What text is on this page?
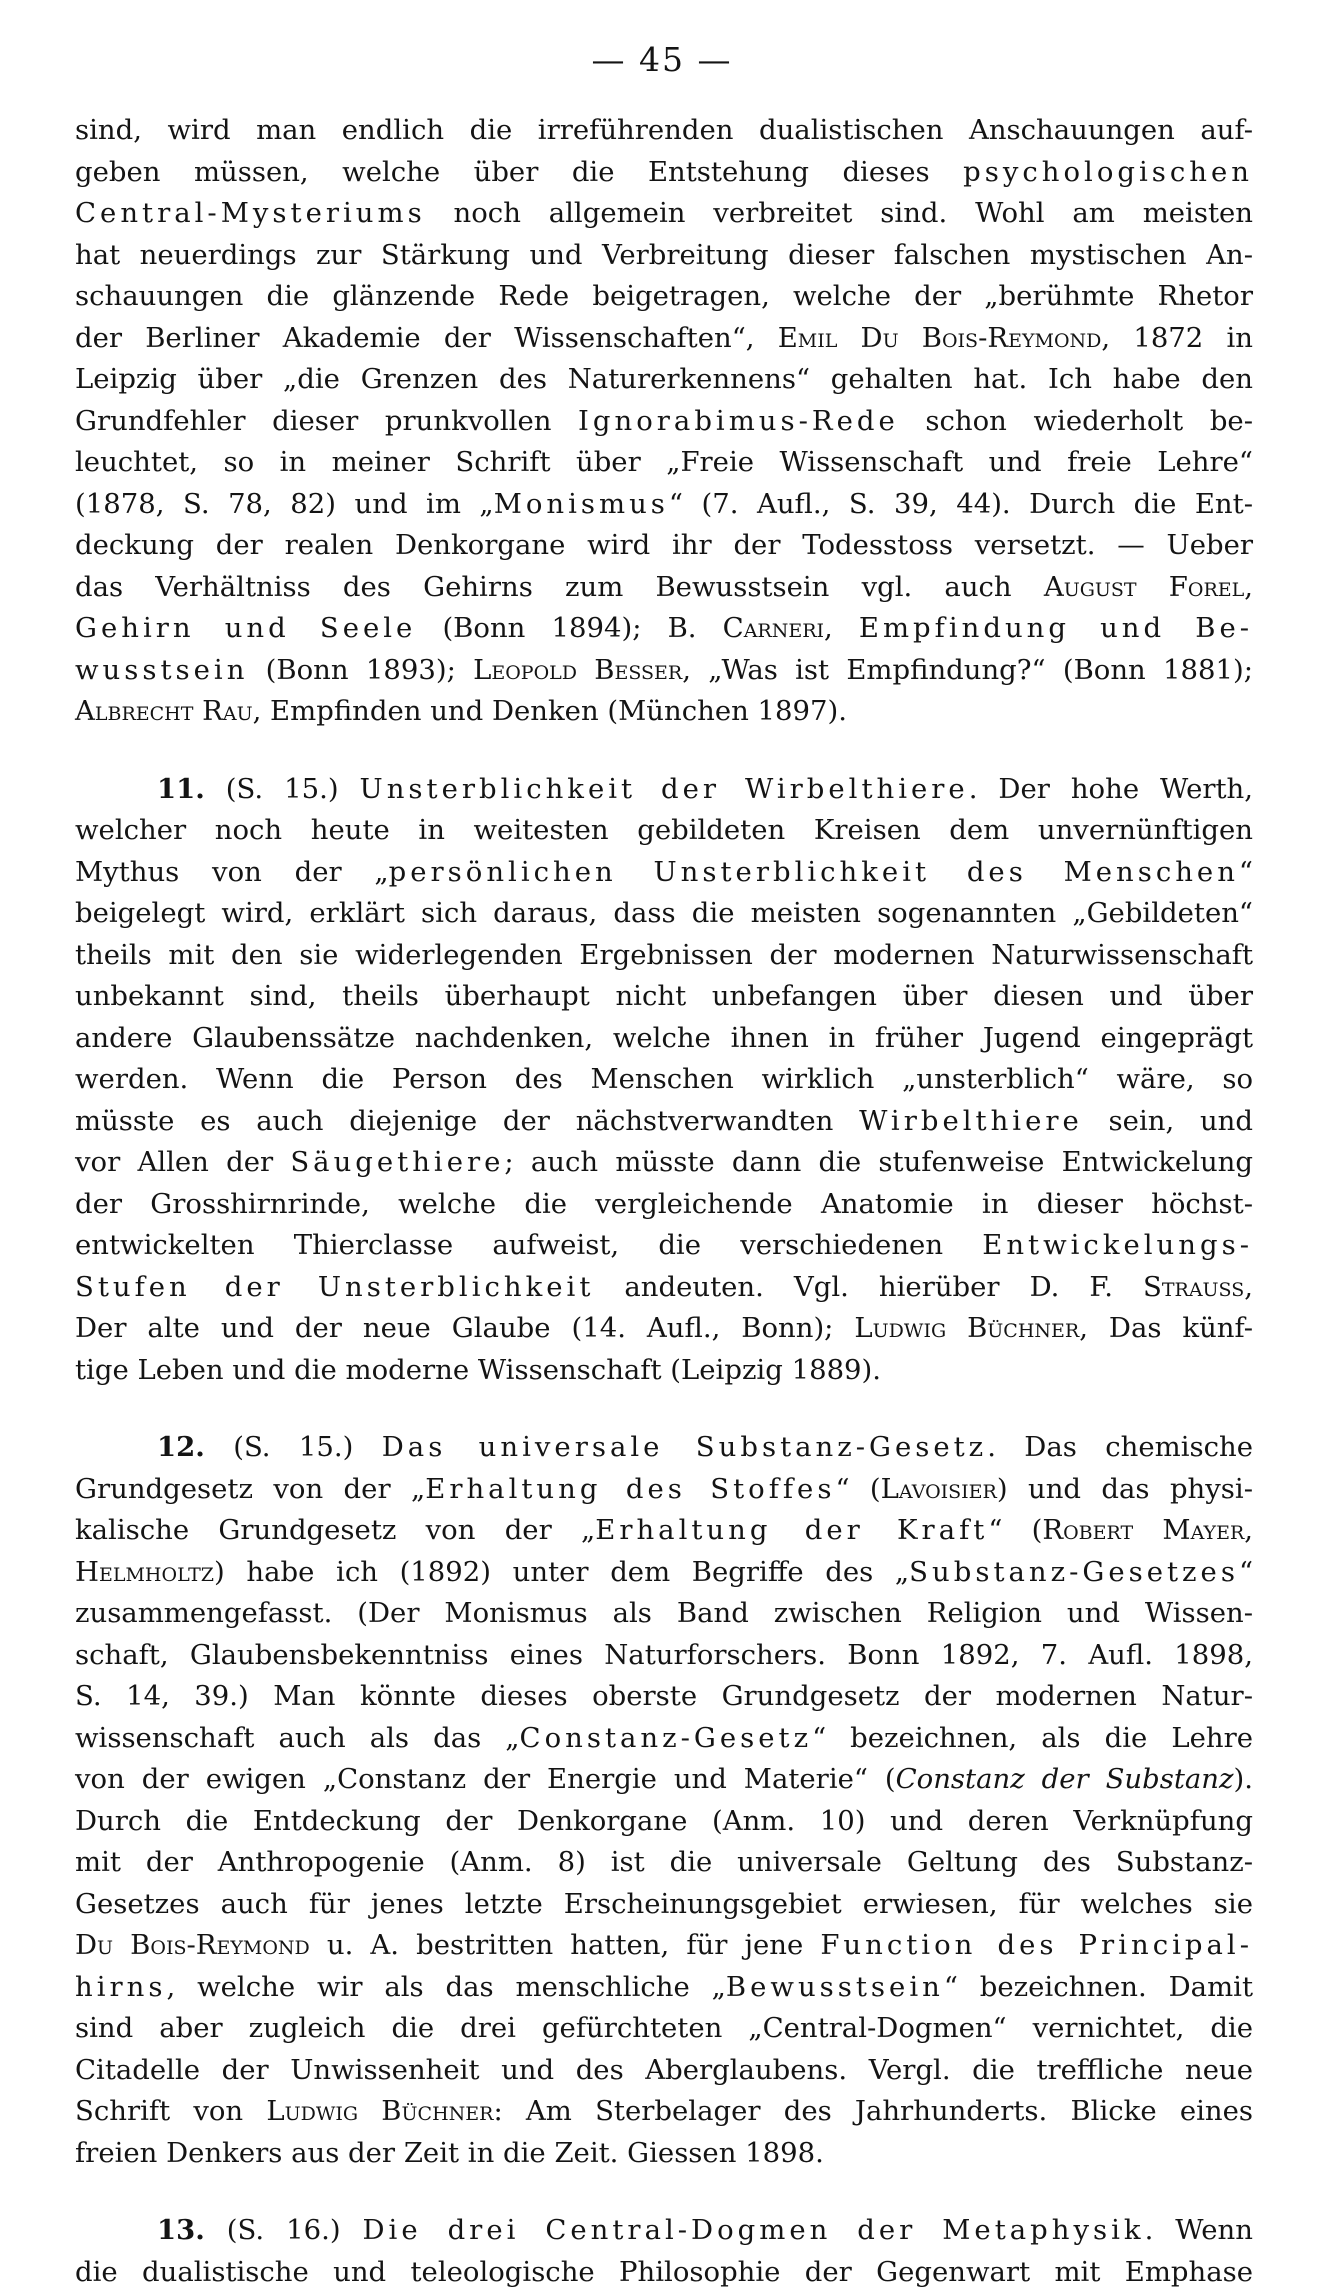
— 45 —
sind, wird man endlich die irreführenden dualistischen Anschauungen auf-
geben müssen, welche über die Entstehung dieses psychologischen
Central-Mysteriums noch allgemein verbreitet sind. Wohl am meisten
hat neuerdings zur Stärkung und Verbreitung dieser falschen mystischen An-
schauungen die glänzende Rede beigetragen, welche der „berühmte Rhetor
der Berliner Akademie der Wissenschaften“, Emil Du Bois-Reymond, 1872 in
Leipzig über „die Grenzen des Naturerkennens“ gehalten hat. Ich habe den
Grundfehler dieser prunkvollen Ignorabimus-Rede schon wiederholt be-
leuchtet, so in meiner Schrift über „Freie Wissenschaft und freie Lehre“
(1878, S. 78, 82) und im „Monismus“ (7. Aufl., S. 39, 44). Durch die Ent-
deckung der realen Denkorgane wird ihr der Todesstoss versetzt. — Ueber
das Verhältniss des Gehirns zum Bewusstsein vgl. auch August Forel,
Gehirn und Seele (Bonn 1894); B. Carneri, Empfindung und Be-
wusstsein (Bonn 1893); Leopold Besser, „Was ist Empfindung?“ (Bonn 1881);
Albrecht Rau, Empfinden und Denken (München 1897).
11. (S. 15.) Unsterblichkeit der Wirbelthiere. Der hohe Werth,
welcher noch heute in weitesten gebildeten Kreisen dem unvernünftigen
Mythus von der „persönlichen Unsterblichkeit des Menschen“
beigelegt wird, erklärt sich daraus, dass die meisten sogenannten „Gebildeten“
theils mit den sie widerlegenden Ergebnissen der modernen Naturwissenschaft
unbekannt sind, theils überhaupt nicht unbefangen über diesen und über
andere Glaubenssätze nachdenken, welche ihnen in früher Jugend eingeprägt
werden. Wenn die Person des Menschen wirklich „unsterblich“ wäre, so
müsste es auch diejenige der nächstverwandten Wirbelthiere sein, und
vor Allen der Säugethiere; auch müsste dann die stufenweise Entwickelung
der Grosshirnrinde, welche die vergleichende Anatomie in dieser höchst-
entwickelten Thierclasse aufweist, die verschiedenen Entwickelungs-
Stufen der Unsterblichkeit andeuten. Vgl. hierüber D. F. Strauss,
Der alte und der neue Glaube (14. Aufl., Bonn); Ludwig Büchner, Das künf-
tige Leben und die moderne Wissenschaft (Leipzig 1889).
12. (S. 15.) Das universale Substanz-Gesetz. Das chemische
Grundgesetz von der „Erhaltung des Stoffes“ (Lavoisier) und das physi-
kalische Grundgesetz von der „Erhaltung der Kraft“ (Robert Mayer,
Helmholtz) habe ich (1892) unter dem Begriffe des „Substanz-Gesetzes“
zusammengefasst. (Der Monismus als Band zwischen Religion und Wissen-
schaft, Glaubensbekenntniss eines Naturforschers. Bonn 1892, 7. Aufl. 1898,
S. 14, 39.) Man könnte dieses oberste Grundgesetz der modernen Natur-
wissenschaft auch als das „Constanz-Gesetz“ bezeichnen, als die Lehre
von der ewigen „Constanz der Energie und Materie“ (Constanz der Substanz).
Durch die Entdeckung der Denkorgane (Anm. 10) und deren Verknüpfung
mit der Anthropogenie (Anm. 8) ist die universale Geltung des Substanz-
Gesetzes auch für jenes letzte Erscheinungsgebiet erwiesen, für welches sie
Du Bois-Reymond u. A. bestritten hatten, für jene Function des Principal-
hirns, welche wir als das menschliche „Bewusstsein“ bezeichnen. Damit
sind aber zugleich die drei gefürchteten „Central-Dogmen“ vernichtet, die
Citadelle der Unwissenheit und des Aberglaubens. Vergl. die treffliche neue
Schrift von Ludwig Büchner: Am Sterbelager des Jahrhunderts. Blicke eines
freien Denkers aus der Zeit in die Zeit. Giessen 1898.
13. (S. 16.) Die drei Central-Dogmen der Metaphysik. Wenn
die dualistische und teleologische Philosophie der Gegenwart mit Emphase
